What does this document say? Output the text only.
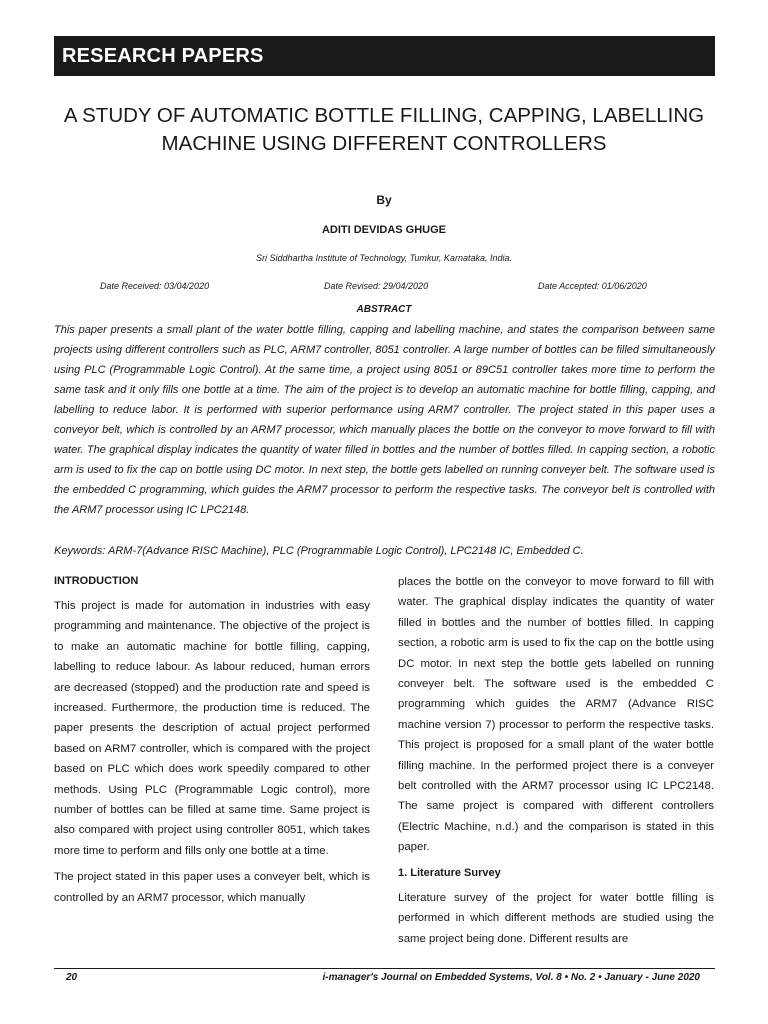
RESEARCH PAPERS
A STUDY OF AUTOMATIC BOTTLE FILLING, CAPPING, LABELLING
MACHINE USING DIFFERENT CONTROLLERS
By
ADITI DEVIDAS GHUGE
Sri Siddhartha Institute of Technology, Tumkur, Karnataka, India.
Date Received: 03/04/2020	Date Revised: 29/04/2020	Date Accepted: 01/06/2020
ABSTRACT

This paper presents a small plant of the water bottle filling, capping and labelling machine, and states the comparison between same projects using different controllers such as PLC, ARM7 controller, 8051 controller. A large number of bottles can be filled simultaneously using PLC (Programmable Logic Control). At the same time, a project using 8051 or 89C51 controller takes more time to perform the same task and it only fills one bottle at a time. The aim of the project is to develop an automatic machine for bottle filling, capping, and labelling to reduce labor. It is performed with superior performance using ARM7 controller. The project stated in this paper uses a conveyor belt, which is controlled by an ARM7 processor, which manually places the bottle on the conveyor to move forward to fill with water. The graphical display indicates the quantity of water filled in bottles and the number of bottles filled. In capping section, a robotic arm is used to fix the cap on bottle using DC motor. In next step, the bottle gets labelled on running conveyer belt. The software used is the embedded C programming, which guides the ARM7 processor to perform the respective tasks. The conveyor belt is controlled with the ARM7 processor using IC LPC2148.

Keywords: ARM-7(Advance RISC Machine), PLC (Programmable Logic Control), LPC2148 IC, Embedded C.
INTRODUCTION

This project is made for automation in industries with easy programming and maintenance. The objective of the project is to make an automatic machine for bottle filling, capping, labelling to reduce labour. As labour reduced, human errors are decreased (stopped) and the production rate and speed is increased. Furthermore, the production time is reduced. The paper presents the description of actual project performed based on ARM7 controller, which is compared with the project based on PLC which does work speedily compared to other methods. Using PLC (Programmable Logic control), more number of bottles can be filled at same time. Same project is also compared with project using controller 8051, which takes more time to perform and fills only one bottle at a time.

The project stated in this paper uses a conveyer belt, which is controlled by an ARM7 processor, which manually

places the bottle on the conveyor to move forward to fill with water. The graphical display indicates the quantity of water filled in bottles and the number of bottles filled. In capping section, a robotic arm is used to fix the cap on the bottle using DC motor. In next step the bottle gets labelled on running conveyer belt. The software used is the embedded C programming which guides the ARM7 (Advance RISC machine version 7) processor to perform the respective tasks. This project is proposed for a small plant of the water bottle filling machine. In the performed project there is a conveyer belt controlled with the ARM7 processor using IC LPC2148. The same project is compared with different controllers (Electric Machine, n.d.) and the comparison is stated in this paper.

1. Literature Survey

Literature survey of the project for water bottle filling is performed in which different methods are studied using the same project being done. Different results are

20	i-manager's Journal on Embedded Systems, Vol. 8 • No. 2 • January - June 2020
